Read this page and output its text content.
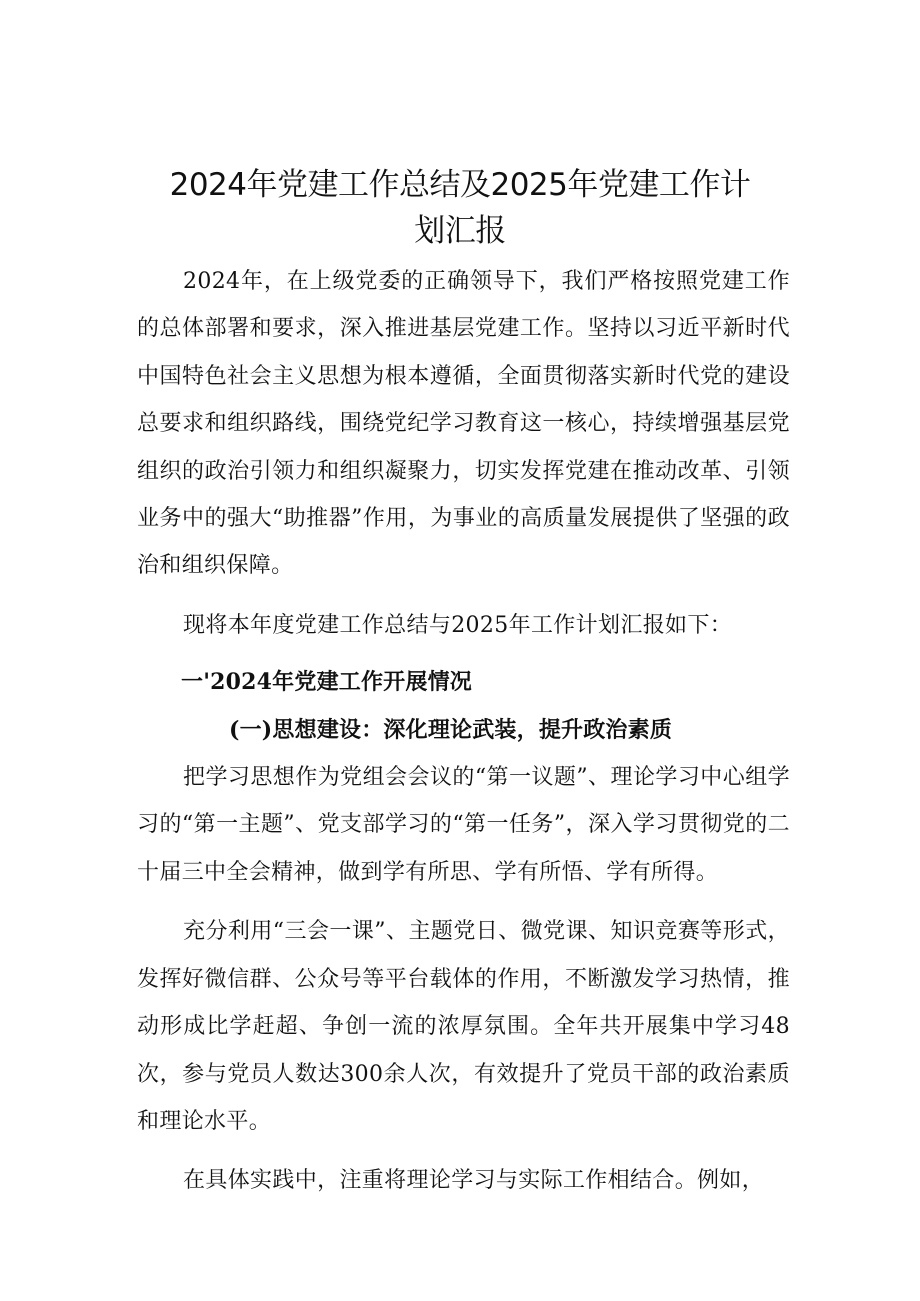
2024年党建工作总结及2025年党建工作计
划汇报

2024年，在上级党委的正确领导下，我们严格按照党建工作的总体部署和要求，深入推进基层党建工作。坚持以习近平新时代中国特色社会主义思想为根本遵循，全面贯彻落实新时代党的建设总要求和组织路线，围绕党纪学习教育这一核心，持续增强基层党组织的政治引领力和组织凝聚力，切实发挥党建在推动改革、引领业务中的强大“助推器”作用，为事业的高质量发展提供了坚强的政治和组织保障。

现将本年度党建工作总结与2025年工作计划汇报如下：

一'2024年党建工作开展情况

(一)思想建设：深化理论武装，提升政治素质

把学习思想作为党组会会议的“第一议题”、理论学习中心组学习的“第一主题”、党支部学习的“第一任务”，深入学习贯彻党的二十届三中全会精神，做到学有所思、学有所悟、学有所得。

充分利用“三会一课”、主题党日、微党课、知识竞赛等形式，发挥好微信群、公众号等平台载体的作用，不断激发学习热情，推动形成比学赶超、争创一流的浓厚氛围。全年共开展集中学习48次，参与党员人数达300余人次，有效提升了党员干部的政治素质和理论水平。

在具体实践中，注重将理论学习与实际工作相结合。例如，
